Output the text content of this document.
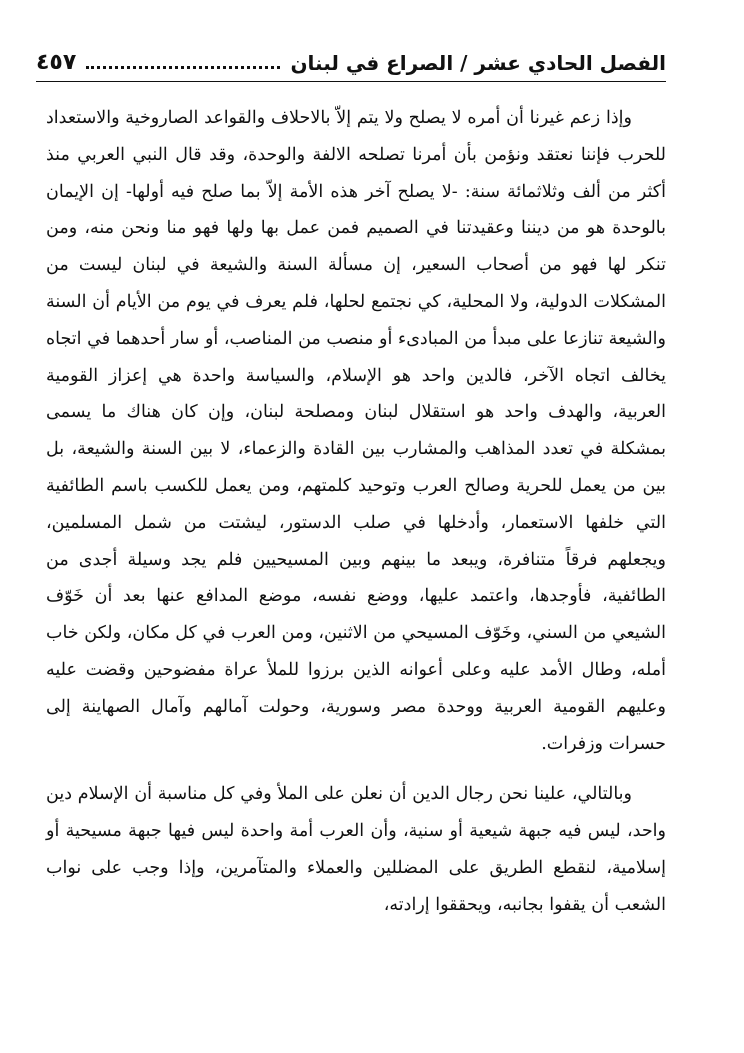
الفصل الحادي عشر / الصراع في لبنان
٤٥٧

وإذا زعم غيرنا أن أمره لا يصلح ولا يتم إلاّ بالاحلاف والقواعد الصاروخية والاستعداد للحرب فإننا نعتقد ونؤمن بأن أمرنا تصلحه الالفة والوحدة، وقد قال النبي العربي منذ أكثر من ألف وثلاثمائة سنة: -لا يصلح آخر هذه الأمة إلاّ بما صلح فيه أولها- إن الإيمان بالوحدة هو من ديننا وعقيدتنا في الصميم فمن عمل بها ولها فهو منا ونحن منه، ومن تنكر لها فهو من أصحاب السعير، إن مسألة السنة والشيعة في لبنان ليست من المشكلات الدولية، ولا المحلية، كي نجتمع لحلها، فلم يعرف في يوم من الأيام أن السنة والشيعة تنازعا على مبدأ من المبادىء أو منصب من المناصب، أو سار أحدهما في اتجاه يخالف اتجاه الآخر، فالدين واحد هو الإسلام، والسياسة واحدة هي إعزاز القومية العربية، والهدف واحد هو استقلال لبنان ومصلحة لبنان، وإن كان هناك ما يسمى بمشكلة في تعدد المذاهب والمشارب بين القادة والزعماء، لا بين السنة والشيعة، بل بين من يعمل للحرية وصالح العرب وتوحيد كلمتهم، ومن يعمل للكسب باسم الطائفية التي خلفها الاستعمار، وأدخلها في صلب الدستور، ليشتت من شمل المسلمين، ويجعلهم فرقاً متنافرة، ويبعد ما بينهم وبين المسيحيين فلم يجد وسيلة أجدى من الطائفية، فأوجدها، واعتمد عليها، ووضع نفسه، موضع المدافع عنها بعد أن خَوّف الشيعي من السني، وخَوّف المسيحي من الاثنين، ومن العرب في كل مكان، ولكن خاب أمله، وطال الأمد عليه وعلى أعوانه الذين برزوا للملأ عراة مفضوحين وقضت عليه وعليهم القومية العربية ووحدة مصر وسورية، وحولت آمالهم وآمال الصهاينة إلى حسرات وزفرات.

وبالتالي، علينا نحن رجال الدين أن نعلن على الملأ وفي كل مناسبة أن الإسلام دين واحد، ليس فيه جبهة شيعية أو سنية، وأن العرب أمة واحدة ليس فيها جبهة مسيحية أو إسلامية، لنقطع الطريق على المضللين والعملاء والمتآمرين، وإذا وجب على نواب الشعب أن يقفوا بجانبه، ويحققوا إرادته،
